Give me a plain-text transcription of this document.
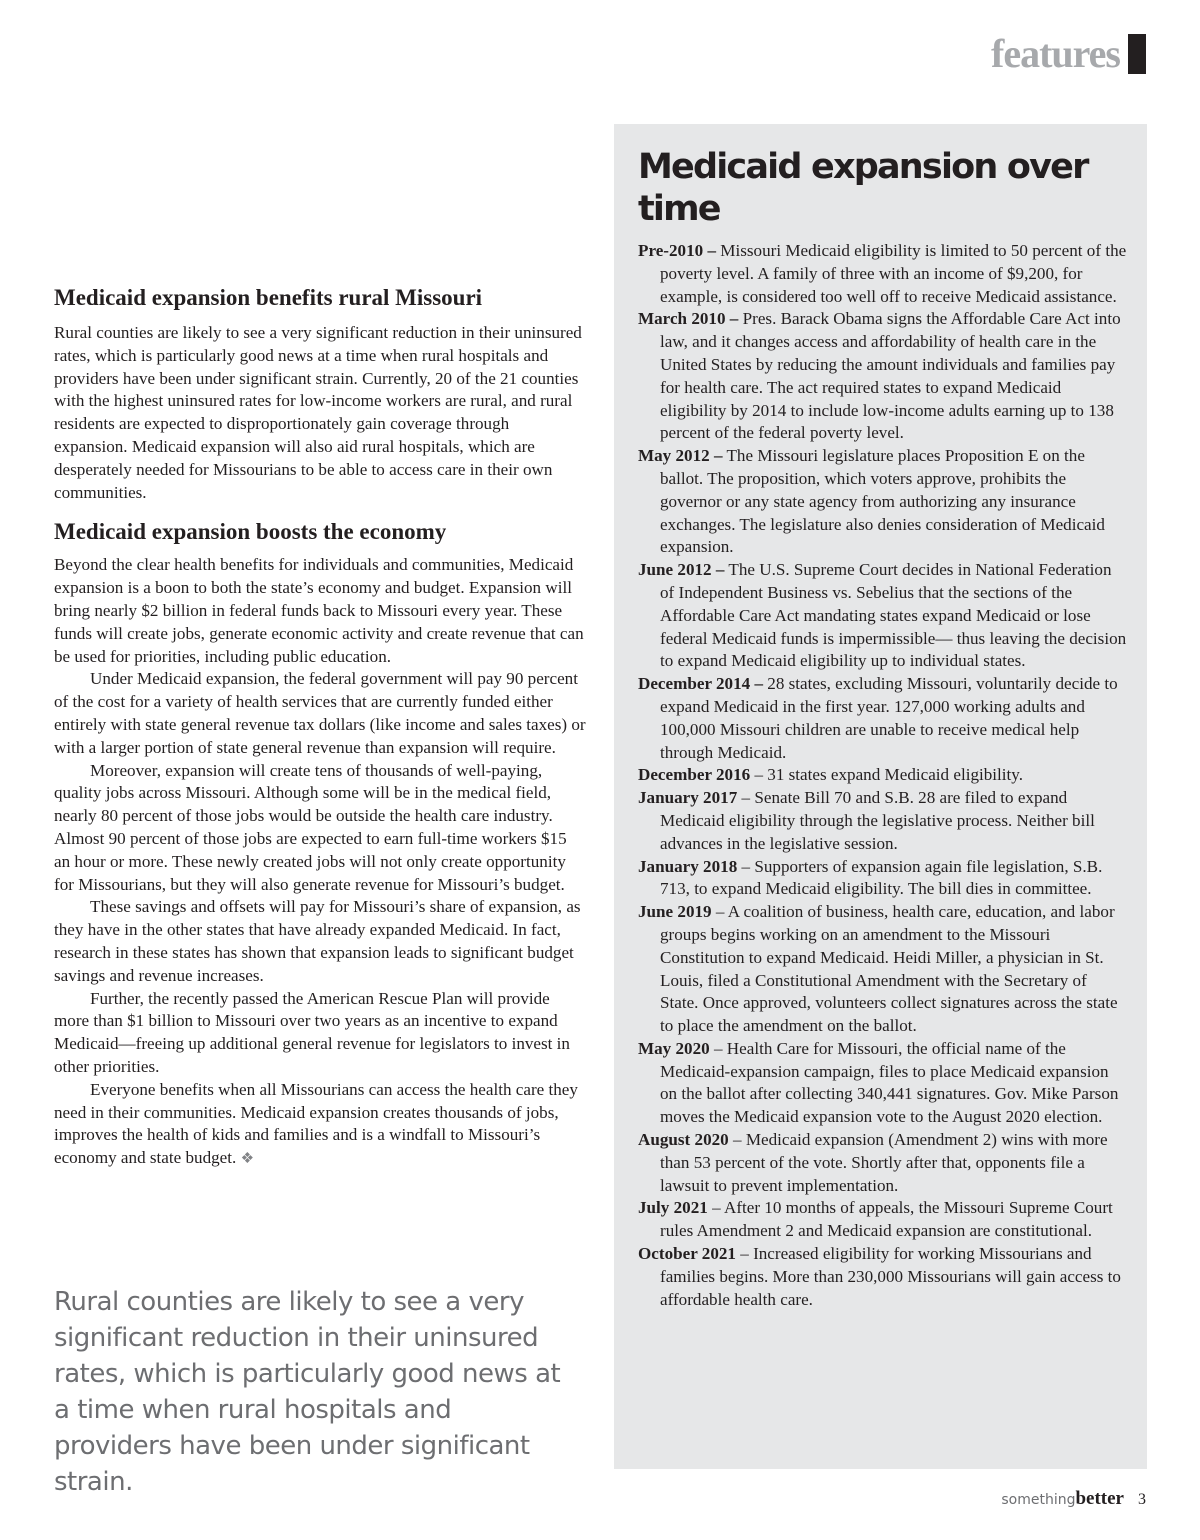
features
Medicaid expansion benefits rural Missouri

Rural counties are likely to see a very significant reduction in their uninsured rates, which is particularly good news at a time when rural hospitals and providers have been under significant strain. Currently, 20 of the 21 counties with the highest uninsured rates for low-income workers are rural, and rural residents are expected to disproportionately gain coverage through expansion. Medicaid expansion will also aid rural hospitals, which are desperately needed for Missourians to be able to access care in their own communities.

Medicaid expansion boosts the economy

Beyond the clear health benefits for individuals and communities, Medicaid expansion is a boon to both the state’s economy and budget. Expansion will bring nearly $2 billion in federal funds back to Missouri every year. These funds will create jobs, generate economic activity and create revenue that can be used for priorities, including public education.

Under Medicaid expansion, the federal government will pay 90 percent of the cost for a variety of health services that are currently funded either entirely with state general revenue tax dollars (like income and sales taxes) or with a larger portion of state general revenue than expansion will require.

Moreover, expansion will create tens of thousands of well-paying, quality jobs across Missouri. Although some will be in the medical field, nearly 80 percent of those jobs would be outside the health care industry. Almost 90 percent of those jobs are expected to earn full-time workers $15 an hour or more. These newly created jobs will not only create opportunity for Missourians, but they will also generate revenue for Missouri’s budget.

These savings and offsets will pay for Missouri’s share of expansion, as they have in the other states that have already expanded Medicaid. In fact, research in these states has shown that expansion leads to significant budget savings and revenue increases.

Further, the recently passed the American Rescue Plan will provide more than $1 billion to Missouri over two years as an incentive to expand Medicaid—freeing up additional general revenue for legislators to invest in other priorities.

Everyone benefits when all Missourians can access the health care they need in their communities. Medicaid expansion creates thousands of jobs, improves the health of kids and families and is a windfall to Missouri’s economy and state budget. ❖

Rural counties are likely to see a very significant reduction in their uninsured rates, which is particularly good news at a time when rural hospitals and providers have been under significant strain.
Medicaid expansion over time
Pre-2010 – Missouri Medicaid eligibility is limited to 50 percent of the poverty level. A family of three with an income of $9,200, for example, is considered too well off to receive Medicaid assistance.
March 2010 – Pres. Barack Obama signs the Affordable Care Act into law, and it changes access and affordability of health care in the United States by reducing the amount individuals and families pay for health care. The act required states to expand Medicaid eligibility by 2014 to include low-income adults earning up to 138 percent of the federal poverty level.
May 2012 – The Missouri legislature places Proposition E on the ballot. The proposition, which voters approve, prohibits the governor or any state agency from authorizing any insurance exchanges. The legislature also denies consideration of Medicaid expansion.
June 2012 – The U.S. Supreme Court decides in National Federation of Independent Business vs. Sebelius that the sections of the Affordable Care Act mandating states expand Medicaid or lose federal Medicaid funds is impermissible— thus leaving the decision to expand Medicaid eligibility up to individual states.
December 2014 – 28 states, excluding Missouri, voluntarily decide to expand Medicaid in the first year. 127,000 working adults and 100,000 Missouri children are unable to receive medical help through Medicaid.
December 2016 – 31 states expand Medicaid eligibility.
January 2017 – Senate Bill 70 and S.B. 28 are filed to expand Medicaid eligibility through the legislative process. Neither bill advances in the legislative session.
January 2018 – Supporters of expansion again file legislation, S.B. 713, to expand Medicaid eligibility. The bill dies in committee.
June 2019 – A coalition of business, health care, education, and labor groups begins working on an amendment to the Missouri Constitution to expand Medicaid. Heidi Miller, a physician in St. Louis, filed a Constitutional Amendment with the Secretary of State. Once approved, volunteers collect signatures across the state to place the amendment on the ballot.
May 2020 – Health Care for Missouri, the official name of the Medicaid-expansion campaign, files to place Medicaid expansion on the ballot after collecting 340,441 signatures. Gov. Mike Parson moves the Medicaid expansion vote to the August 2020 election.
August 2020 – Medicaid expansion (Amendment 2) wins with more than 53 percent of the vote. Shortly after that, opponents file a lawsuit to prevent implementation.
July 2021 – After 10 months of appeals, the Missouri Supreme Court rules Amendment 2 and Medicaid expansion are constitutional.
October 2021 – Increased eligibility for working Missourians and families begins. More than 230,000 Missourians will gain access to affordable health care.
something better 3
